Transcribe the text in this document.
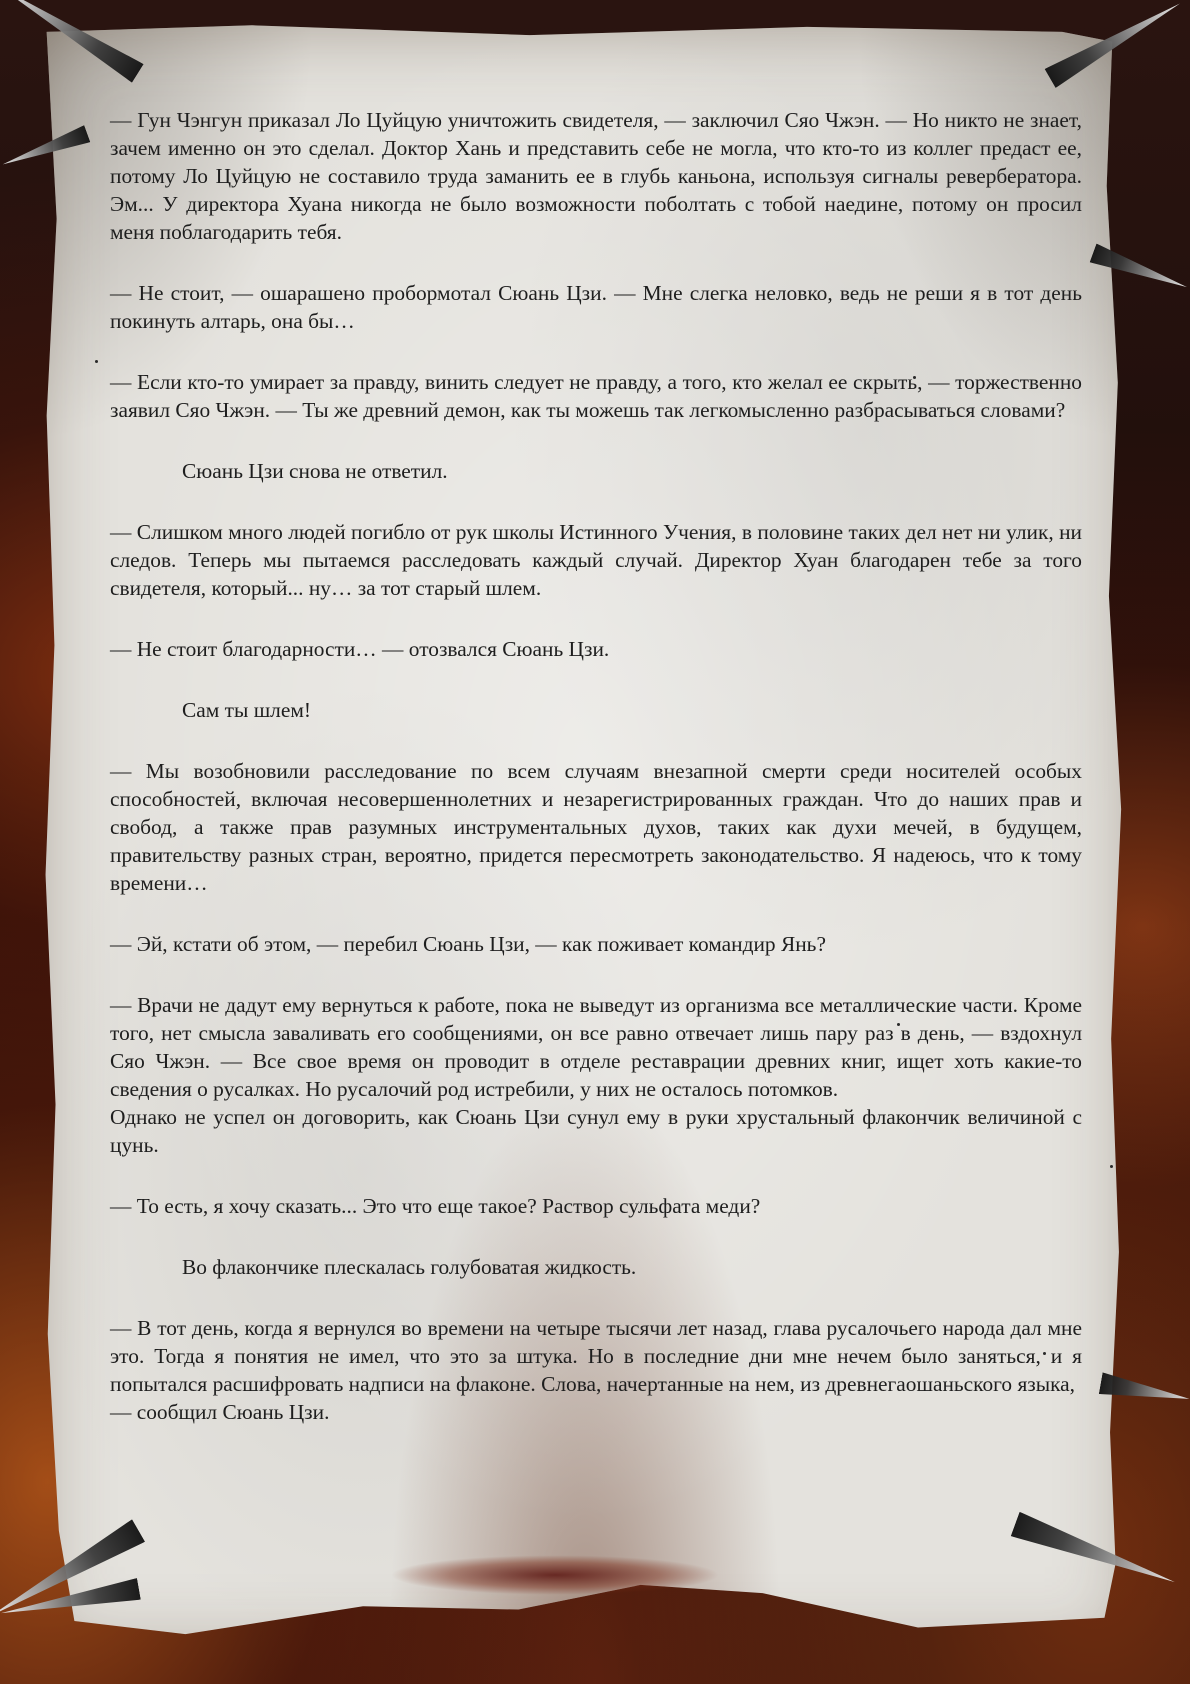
— Гун Чэнгун приказал Ло Цуйцую уничтожить свидетеля, — заключил Сяо Чжэн. — Но никто не знает, зачем именно он это сделал. Доктор Хань и представить себе не могла, что кто-то из коллег предаст ее, потому Ло Цуйцую не составило труда заманить ее в глубь каньона, используя сигналы реверберaтора. Эм... У директора Хуана никогда не было возможности поболтать с тобой наедине, потому он просил меня поблагодарить тебя.

— Не стоит, — ошарашено пробормотал Сюань Цзи. — Мне слегка неловко, ведь не реши я в тот день покинуть алтарь, она бы…

— Если кто-то умирает за правду, винить следует не правду, а того, кто желал ее скрыть, — торжественно заявил Сяо Чжэн. — Ты же древний демон, как ты можешь так легкомысленно разбрасываться словами?

Сюань Цзи снова не ответил.

— Слишком много людей погибло от рук школы Истинного Учения, в половине таких дел нет ни улик, ни следов. Теперь мы пытаемся расследовать каждый случай. Директор Хуан благодарен тебе за того свидетеля, который... ну… за тот старый шлем.

— Не стоит благодарности… — отозвался Сюань Цзи.

Сам ты шлем!

— Мы возобновили расследование по всем случаям внезапной смерти среди носителей особых способностей, включая несовершеннолетних и незарегистрированных граждан. Что до наших прав и свобод, а также прав разумных инструментальных духов, таких как духи мечей, в будущем, правительству разных стран, вероятно, придется пересмотреть законодательство. Я надеюсь, что к тому времени…

— Эй, кстати об этом, — перебил Сюань Цзи, — как поживает командир Янь?

— Врачи не дадут ему вернуться к работе, пока не выведут из организма все металлические части. Кроме того, нет смысла заваливать его сообщениями, он все равно отвечает лишь пару раз в день, — вздохнул Сяо Чжэн. — Все свое время он проводит в отделе реставрации древних книг, ищет хоть какие-то сведения о русалках. Но русалочий род истребили, у них не осталось потомков.

Однако не успел он договорить, как Сюань Цзи сунул ему в руки хрустальный флакончик величиной с цунь.

— То есть, я хочу сказать... Это что еще такое? Раствор сульфата меди?

Во флакончике плескалась голубоватая жидкость.

— В тот день, когда я вернулся во времени на четыре тысячи лет назад, глава русалочьего народа дал мне это. Тогда я понятия не имел, что это за штука. Но в последние дни мне нечем было заняться, и я попытался расшифровать надписи на флаконе. Слова, начертанные на нем, из древнегаошаньского языка,

— сообщил Сюань Цзи.
